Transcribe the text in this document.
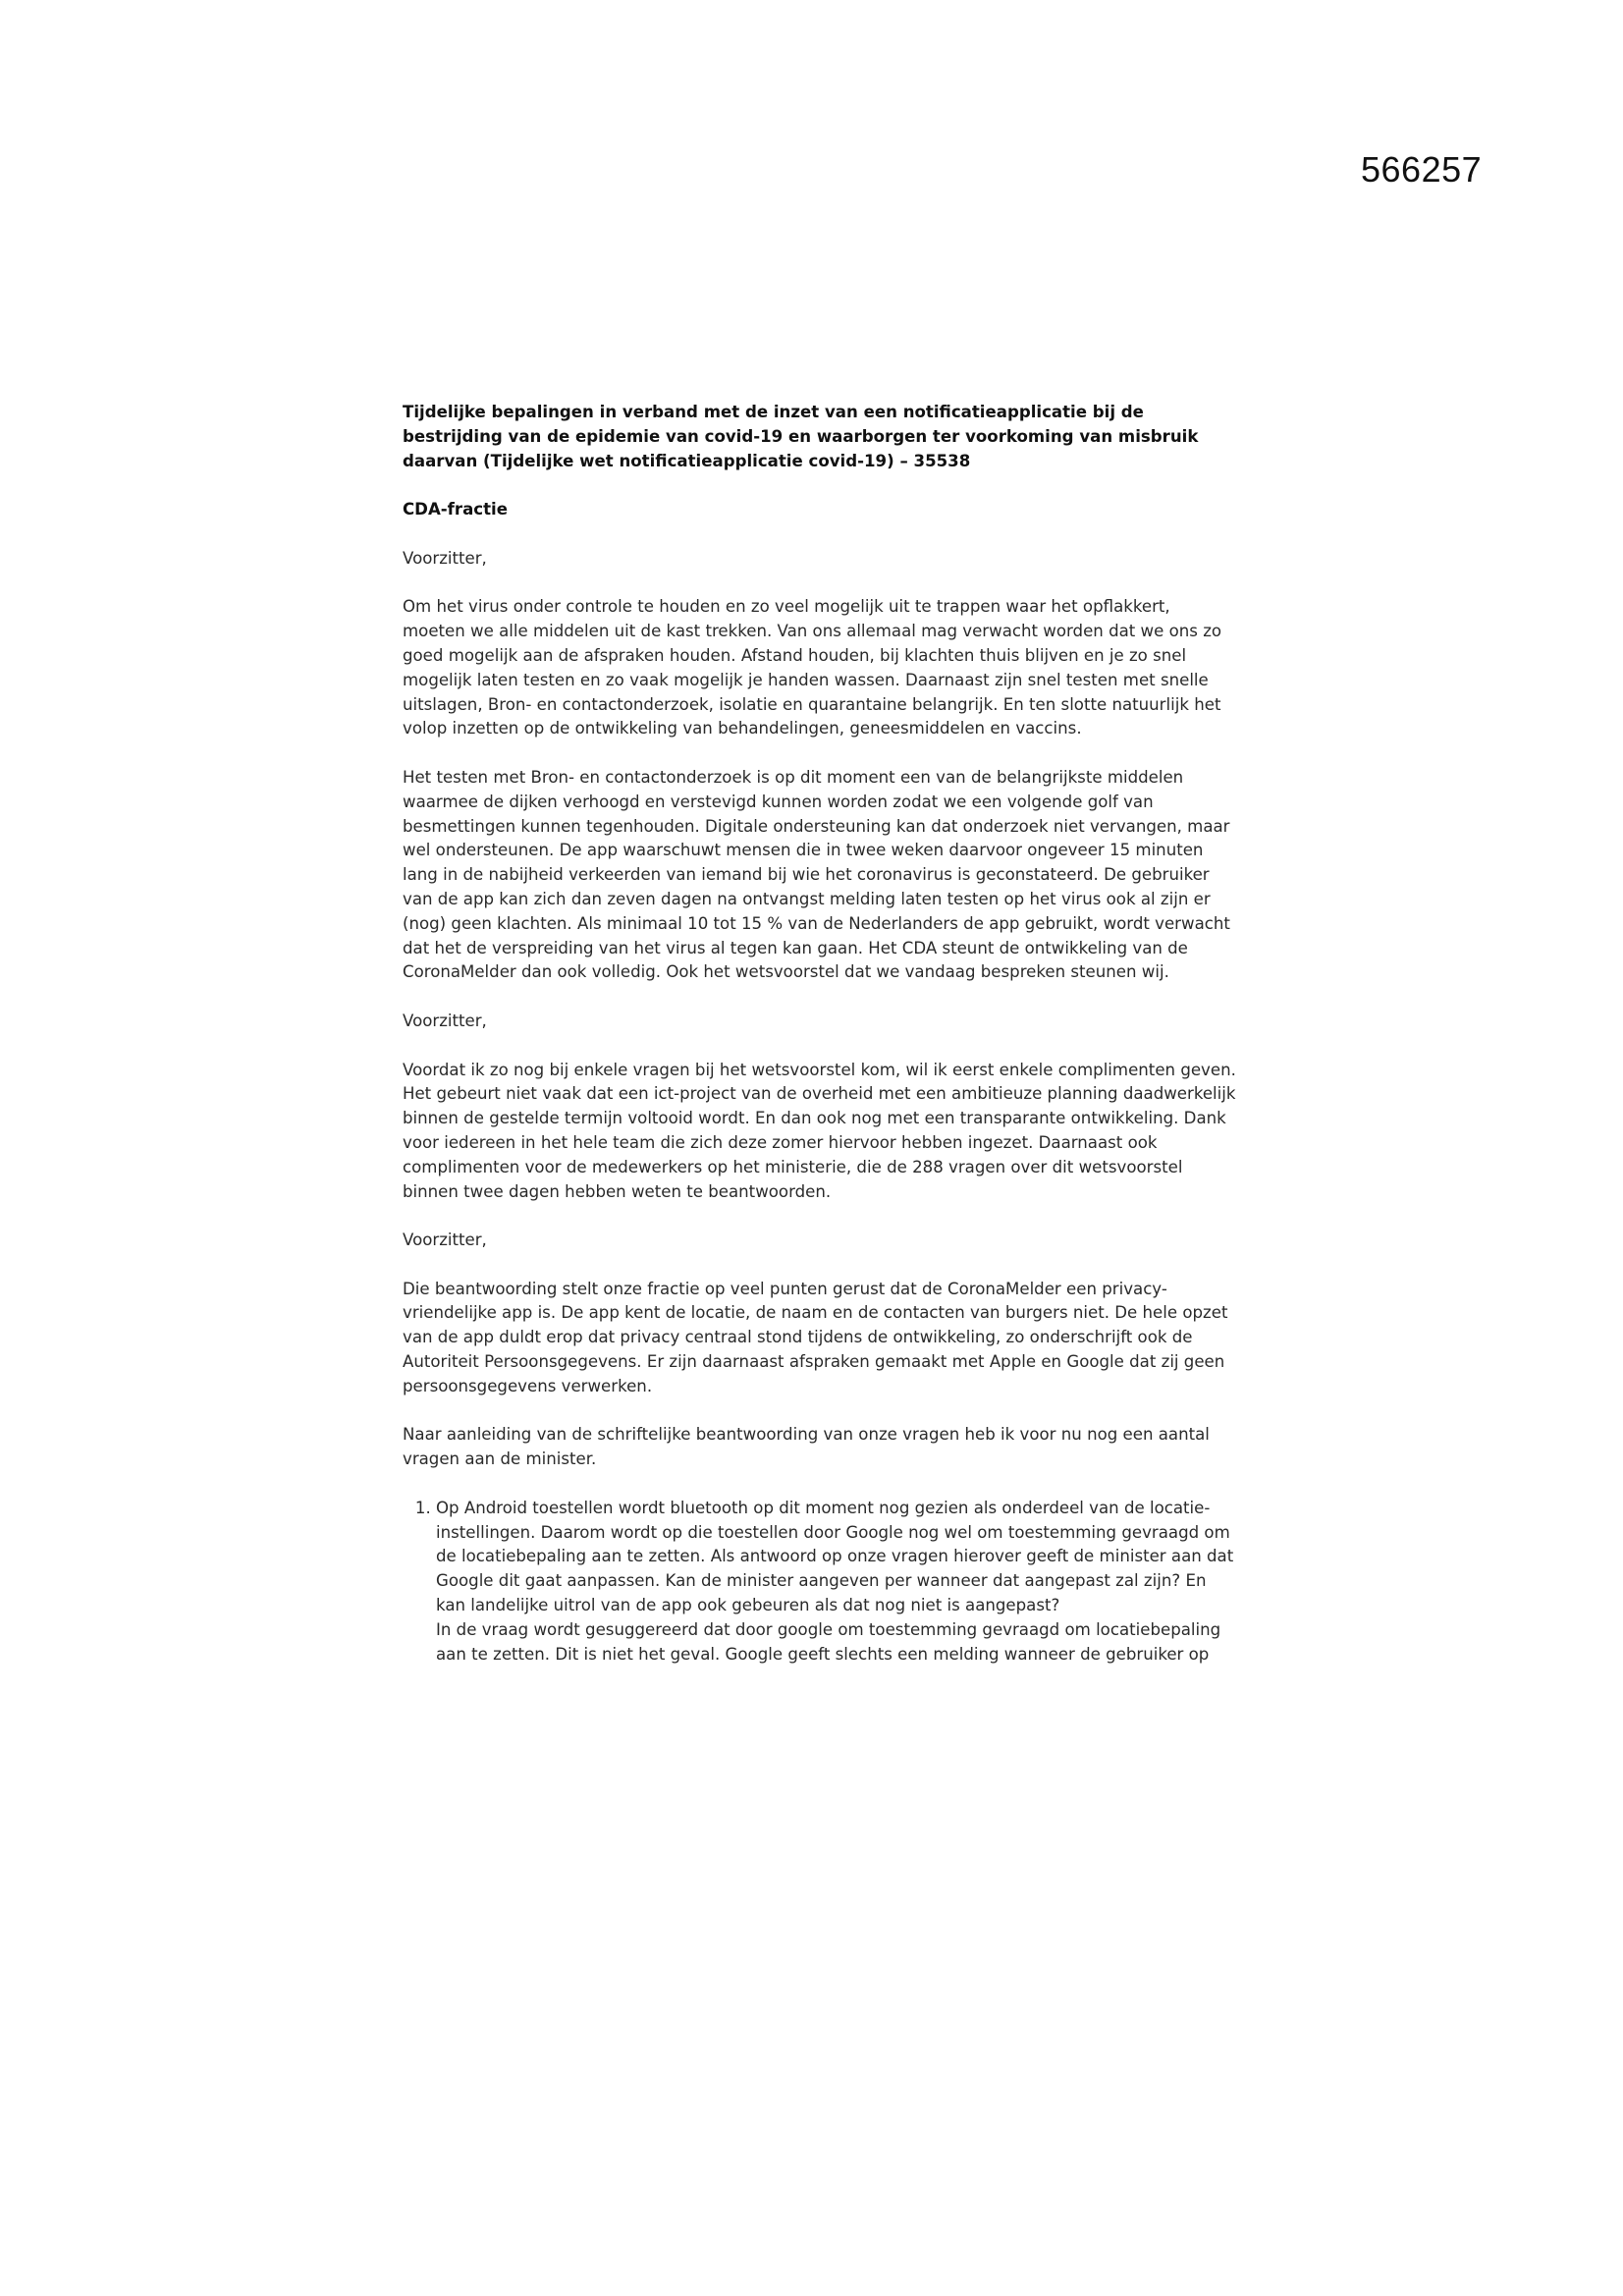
566257

Tijdelijke bepalingen in verband met de inzet van een notificatieapplicatie bij de bestrijding van de epidemie van covid-19 en waarborgen ter voorkoming van misbruik daarvan (Tijdelijke wet notificatieapplicatie covid-19) – 35538

CDA-fractie

Voorzitter,

Om het virus onder controle te houden en zo veel mogelijk uit te trappen waar het opflakkert, moeten we alle middelen uit de kast trekken. Van ons allemaal mag verwacht worden dat we ons zo goed mogelijk aan de afspraken houden. Afstand houden, bij klachten thuis blijven en je zo snel mogelijk laten testen en zo vaak mogelijk je handen wassen. Daarnaast zijn snel testen met snelle uitslagen, Bron- en contactonderzoek, isolatie en quarantaine belangrijk. En ten slotte natuurlijk het volop inzetten op de ontwikkeling van behandelingen, geneesmiddelen en vaccins.

Het testen met Bron- en contactonderzoek is op dit moment een van de belangrijkste middelen waarmee de dijken verhoogd en verstevigd kunnen worden zodat we een volgende golf van besmettingen kunnen tegenhouden. Digitale ondersteuning kan dat onderzoek niet vervangen, maar wel ondersteunen. De app waarschuwt mensen die in twee weken daarvoor ongeveer 15 minuten lang in de nabijheid verkeerden van iemand bij wie het coronavirus is geconstateerd. De gebruiker van de app kan zich dan zeven dagen na ontvangst melding laten testen op het virus ook al zijn er (nog) geen klachten. Als minimaal 10 tot 15 % van de Nederlanders de app gebruikt, wordt verwacht dat het de verspreiding van het virus al tegen kan gaan. Het CDA steunt de ontwikkeling van de CoronaMelder dan ook volledig. Ook het wetsvoorstel dat we vandaag bespreken steunen wij.

Voorzitter,

Voordat ik zo nog bij enkele vragen bij het wetsvoorstel kom, wil ik eerst enkele complimenten geven. Het gebeurt niet vaak dat een ict-project van de overheid met een ambitieuze planning daadwerkelijk binnen de gestelde termijn voltooid wordt. En dan ook nog met een transparante ontwikkeling. Dank voor iedereen in het hele team die zich deze zomer hiervoor hebben ingezet. Daarnaast ook complimenten voor de medewerkers op het ministerie, die de 288 vragen over dit wetsvoorstel binnen twee dagen hebben weten te beantwoorden.

Voorzitter,

Die beantwoording stelt onze fractie op veel punten gerust dat de CoronaMelder een privacy-vriendelijke app is. De app kent de locatie, de naam en de contacten van burgers niet. De hele opzet van de app duldt erop dat privacy centraal stond tijdens de ontwikkeling, zo onderschrijft ook de Autoriteit Persoonsgegevens. Er zijn daarnaast afspraken gemaakt met Apple en Google dat zij geen persoonsgegevens verwerken.

Naar aanleiding van de schriftelijke beantwoording van onze vragen heb ik voor nu nog een aantal vragen aan de minister.

1. Op Android toestellen wordt bluetooth op dit moment nog gezien als onderdeel van de locatie-instellingen. Daarom wordt op die toestellen door Google nog wel om toestemming gevraagd om de locatiebepaling aan te zetten. Als antwoord op onze vragen hierover geeft de minister aan dat Google dit gaat aanpassen. Kan de minister aangeven per wanneer dat aangepast zal zijn? En kan landelijke uitrol van de app ook gebeuren als dat nog niet is aangepast?
In de vraag wordt gesuggereerd dat door google om toestemming gevraagd om locatiebepaling aan te zetten. Dit is niet het geval. Google geeft slechts een melding wanneer de gebruiker op
